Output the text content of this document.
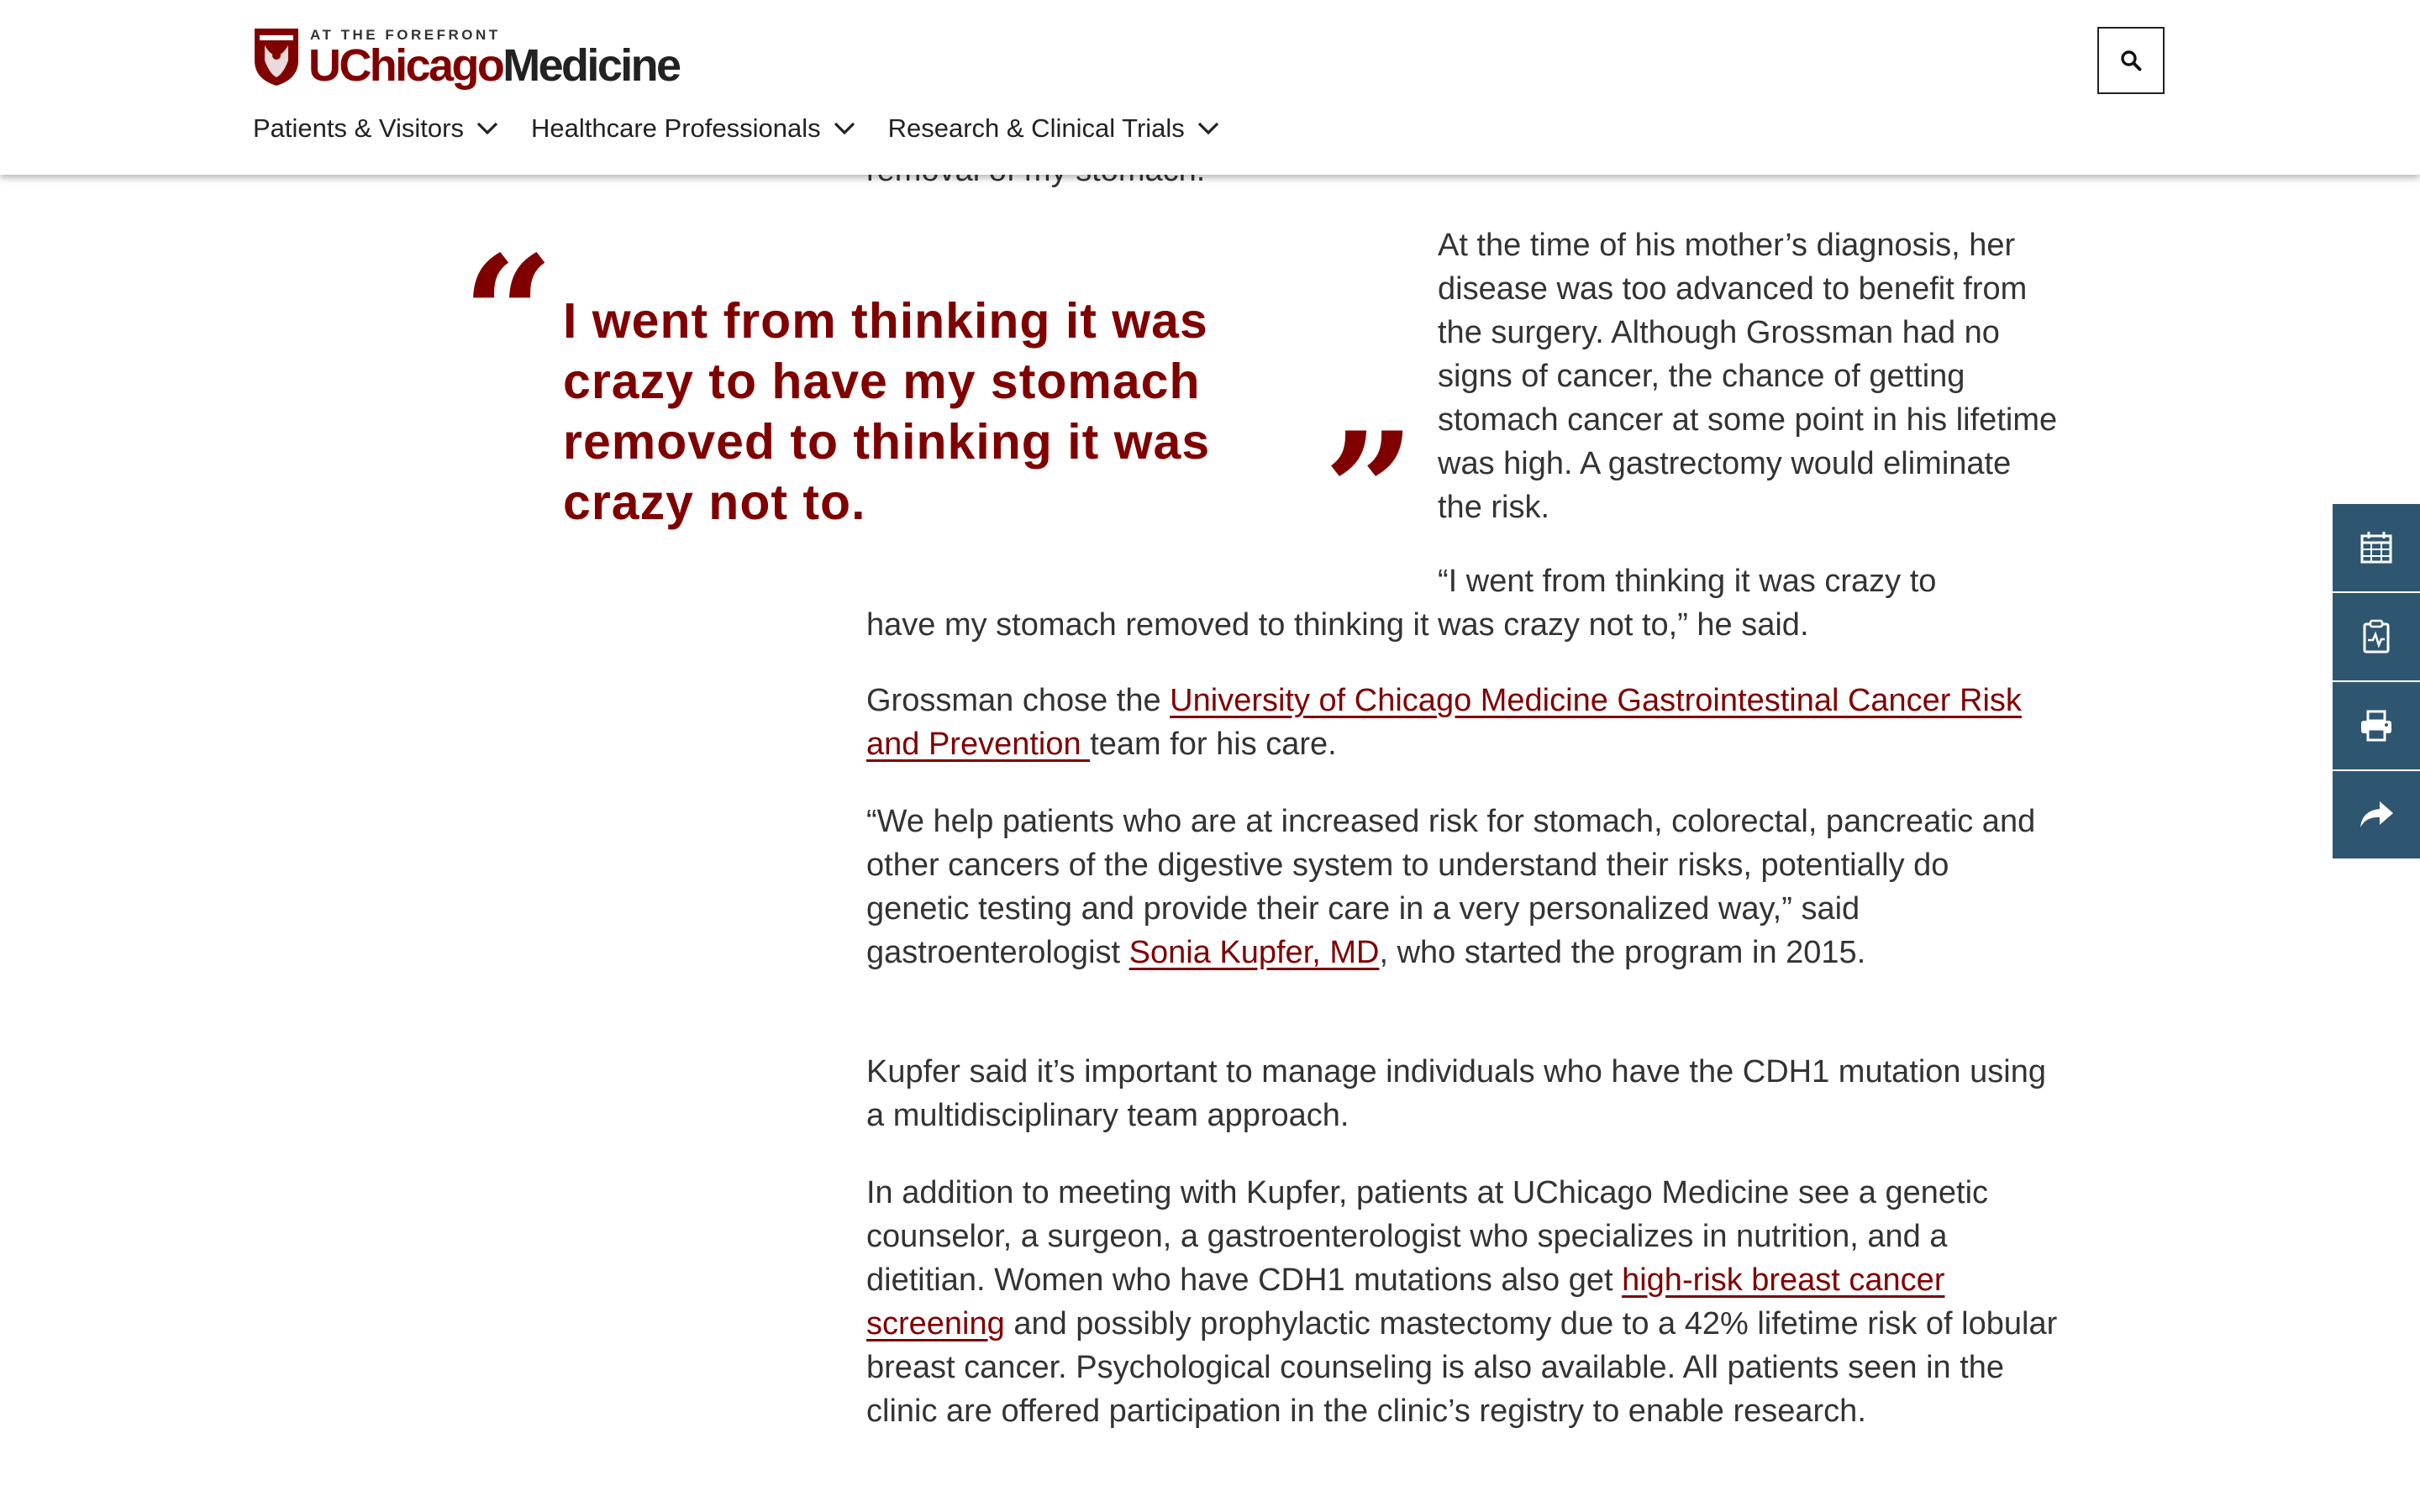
AT THE FOREFRONT
UChicagoMedicine
Patients & Visitors	Healthcare Professionals	Research & Clinical Trials
“ I went from thinking it was crazy to have my stomach removed to thinking it was crazy not to.	”

At the time of his mother’s diagnosis, her disease was too advanced to benefit from the surgery. Although Grossman had no signs of cancer, the chance of getting stomach cancer at some point in his lifetime was high. A gastrectomy would eliminate the risk.

“I went from thinking it was crazy to
have my stomach removed to thinking it was crazy not to,” he said.

Grossman chose the University of Chicago Medicine Gastrointestinal Cancer Risk and Prevention team for his care.

“We help patients who are at increased risk for stomach, colorectal, pancreatic and other cancers of the digestive system to understand their risks, potentially do genetic testing and provide their care in a very personalized way,” said gastroenterologist Sonia Kupfer, MD, who started the program in 2015.

Kupfer said it’s important to manage individuals who have the CDH1 mutation using a multidisciplinary team approach.

In addition to meeting with Kupfer, patients at UChicago Medicine see a genetic counselor, a surgeon, a gastroenterologist who specializes in nutrition, and a dietitian. Women who have CDH1 mutations also get high-risk breast cancer screening and possibly prophylactic mastectomy due to a 42% lifetime risk of lobular breast cancer. Psychological counseling is also available. All patients seen in the clinic are offered participation in the clinic’s registry to enable research.
